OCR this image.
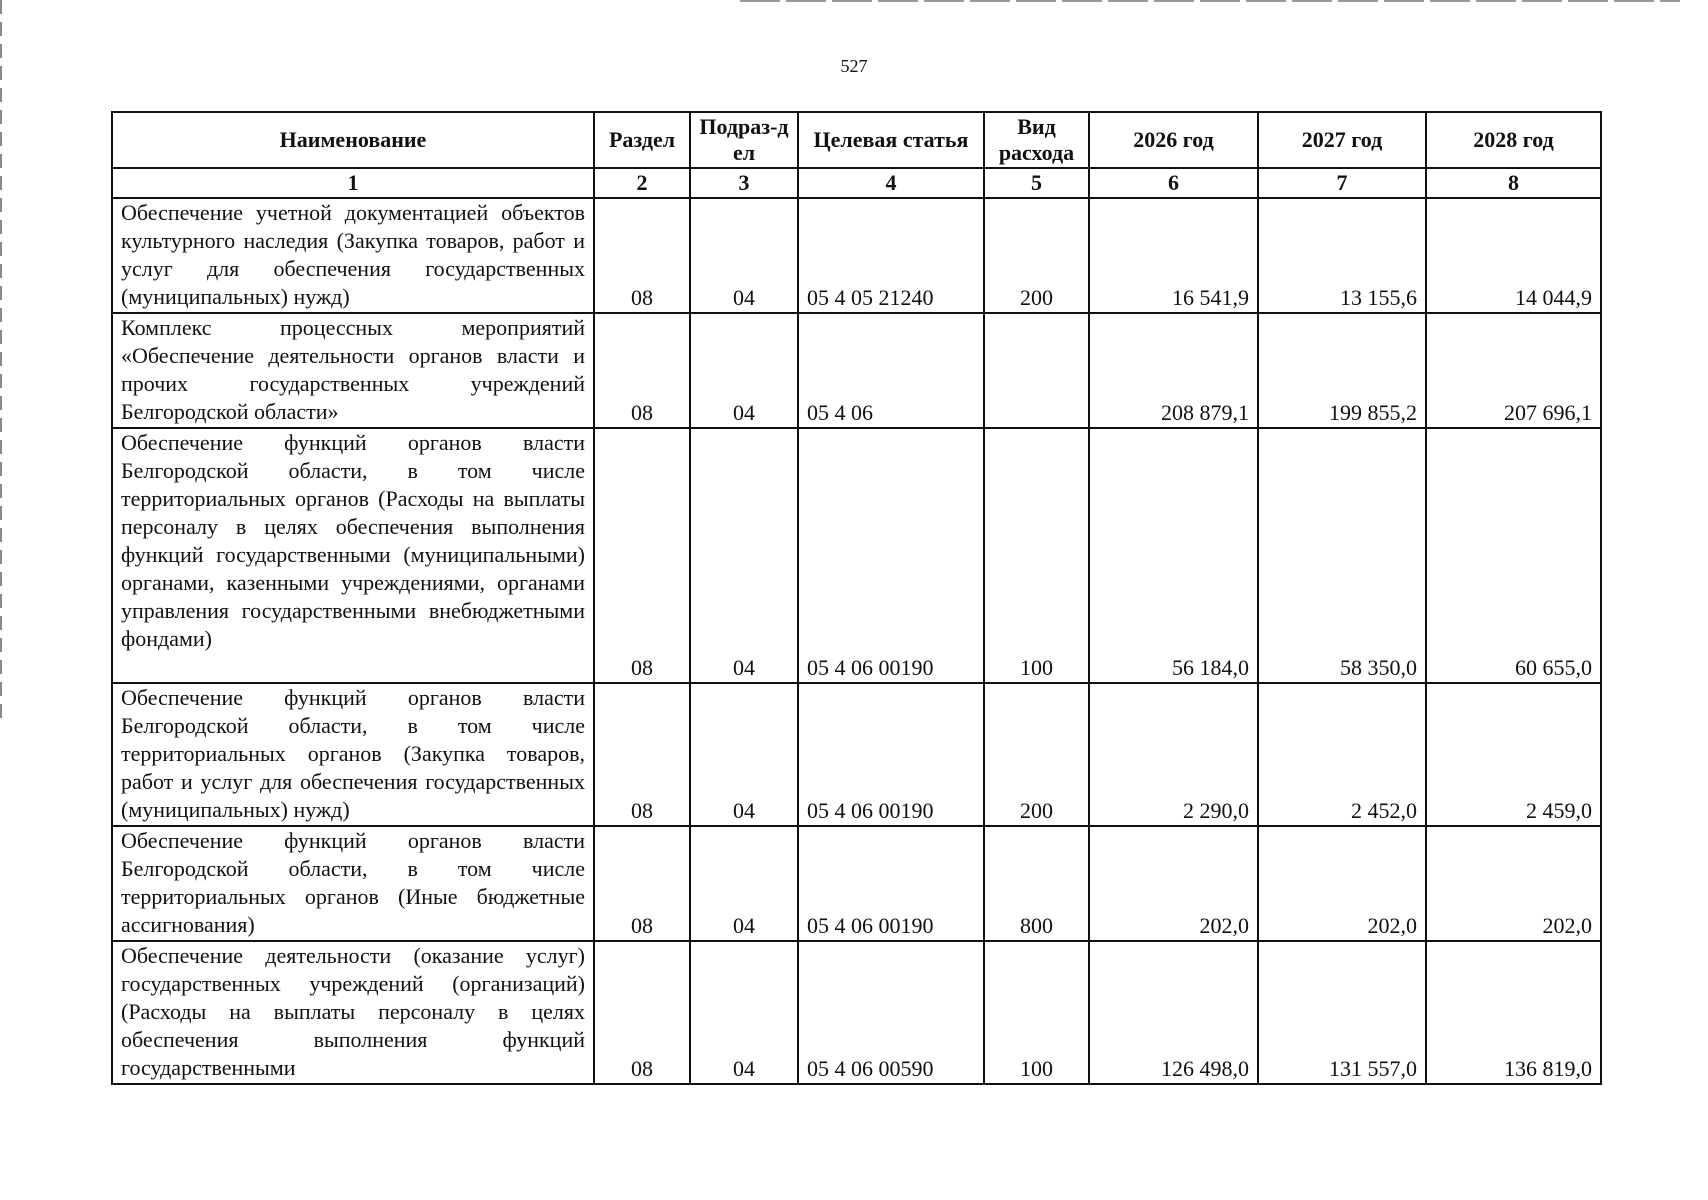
527
Наименование	Раздел	Подраз-дел	Целевая статья	Вид расхода	2026 год	2027 год	2028 год
1	2	3	4	5	6	7	8
Обеспечение учетной документацией объектов культурного наследия (Закупка товаров, работ и услуг для обеспечения государственных (муниципальных) нужд)	08	04	05 4 05 21240	200	16 541,9	13 155,6	14 044,9
Комплекс процессных мероприятий «Обеспечение деятельности органов власти и прочих государственных учреждений Белгородской области»	08	04	05 4 06		208 879,1	199 855,2	207 696,1
Обеспечение функций органов власти Белгородской области, в том числе территориальных органов (Расходы на выплаты персоналу в целях обеспечения выполнения функций государственными (муниципальными) органами, казенными учреждениями, органами управления государственными внебюджетными фондами)	08	04	05 4 06 00190	100	56 184,0	58 350,0	60 655,0
Обеспечение функций органов власти Белгородской области, в том числе территориальных органов (Закупка товаров, работ и услуг для обеспечения государственных (муниципальных) нужд)	08	04	05 4 06 00190	200	2 290,0	2 452,0	2 459,0
Обеспечение функций органов власти Белгородской области, в том числе территориальных органов (Иные бюджетные ассигнования)	08	04	05 4 06 00190	800	202,0	202,0	202,0
Обеспечение деятельности (оказание услуг) государственных учреждений (организаций) (Расходы на выплаты персоналу в целях обеспечения выполнения функций государственными	08	04	05 4 06 00590	100	126 498,0	131 557,0	136 819,0
